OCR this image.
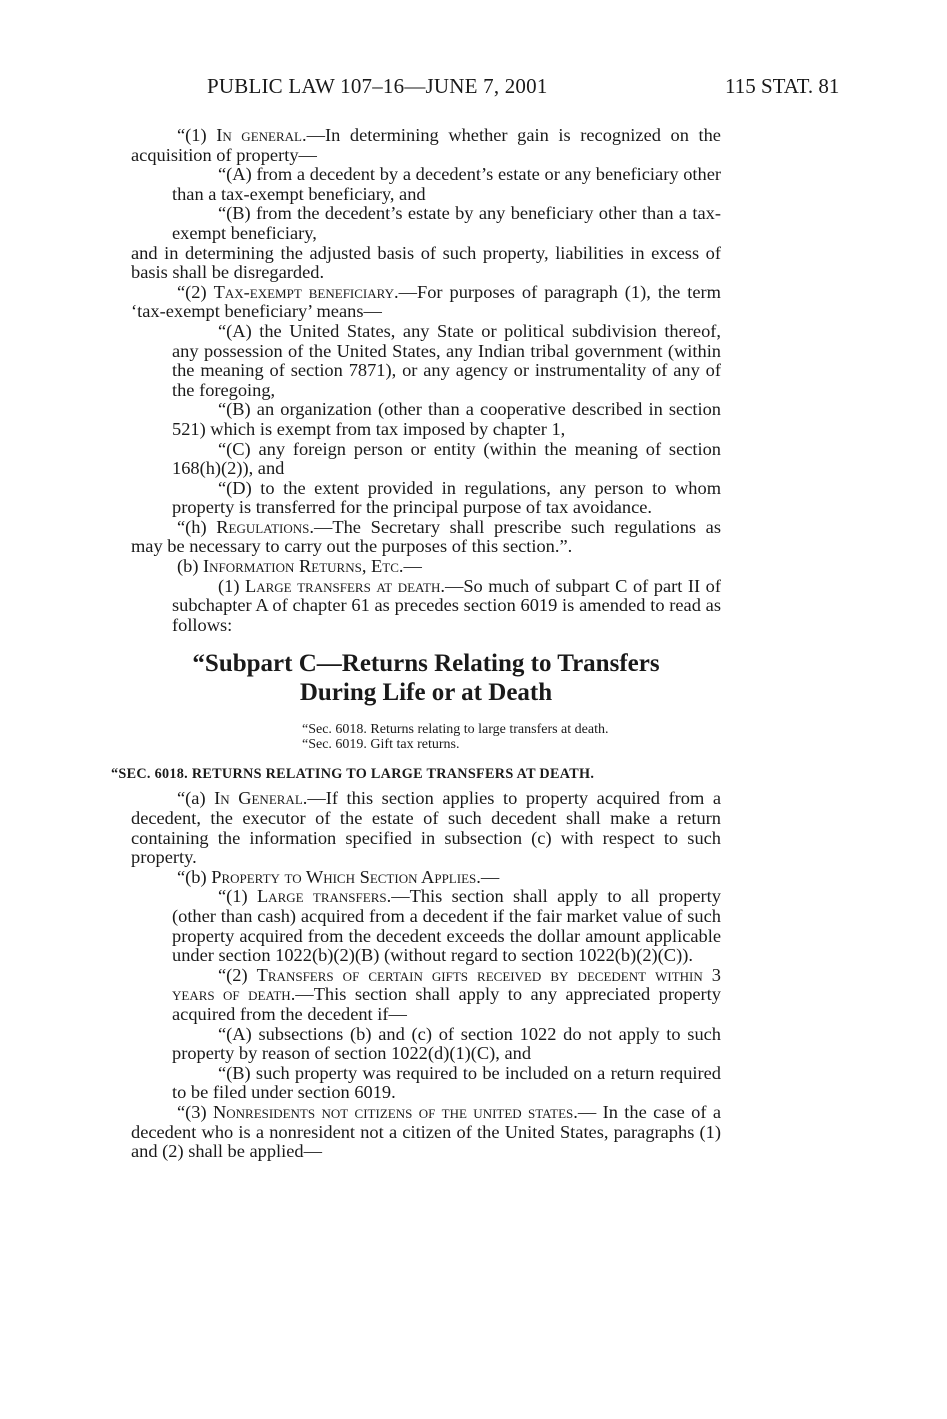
PUBLIC LAW 107–16—JUNE 7, 2001	115 STAT. 81

“(1) In general.—In determining whether gain is recognized on the acquisition of property—

“(A) from a decedent by a decedent’s estate or any beneficiary other than a tax-exempt beneficiary, and

“(B) from the decedent’s estate by any beneficiary other than a tax-exempt beneficiary,

and in determining the adjusted basis of such property, liabilities in excess of basis shall be disregarded.

“(2) Tax-exempt beneficiary.—For purposes of paragraph (1), the term ‘tax-exempt beneficiary’ means—

“(A) the United States, any State or political subdivision thereof, any possession of the United States, any Indian tribal government (within the meaning of section 7871), or any agency or instrumentality of any of the foregoing,

“(B) an organization (other than a cooperative described in section 521) which is exempt from tax imposed by chapter 1,

“(C) any foreign person or entity (within the meaning of section 168(h)(2)), and

“(D) to the extent provided in regulations, any person to whom property is transferred for the principal purpose of tax avoidance.

“(h) Regulations.—The Secretary shall prescribe such regulations as may be necessary to carry out the purposes of this section.”.

(b) Information Returns, Etc.—

(1) Large transfers at death.—So much of subpart C of part II of subchapter A of chapter 61 as precedes section 6019 is amended to read as follows:

“Subpart C—Returns Relating to Transfers
During Life or at Death
“Sec. 6018. Returns relating to large transfers at death.
“Sec. 6019. Gift tax returns.
“SEC. 6018. RETURNS RELATING TO LARGE TRANSFERS AT DEATH.

“(a) In General.—If this section applies to property acquired from a decedent, the executor of the estate of such decedent shall make a return containing the information specified in subsection (c) with respect to such property.

“(b) Property to Which Section Applies.—

“(1) Large transfers.—This section shall apply to all property (other than cash) acquired from a decedent if the fair market value of such property acquired from the decedent exceeds the dollar amount applicable under section 1022(b)(2)(B) (without regard to section 1022(b)(2)(C)).

“(2) Transfers of certain gifts received by decedent within 3 years of death.—This section shall apply to any appreciated property acquired from the decedent if—

“(A) subsections (b) and (c) of section 1022 do not apply to such property by reason of section 1022(d)(1)(C), and

“(B) such property was required to be included on a return required to be filed under section 6019.

“(3) Nonresidents not citizens of the united states.— In the case of a decedent who is a nonresident not a citizen of the United States, paragraphs (1) and (2) shall be applied—
